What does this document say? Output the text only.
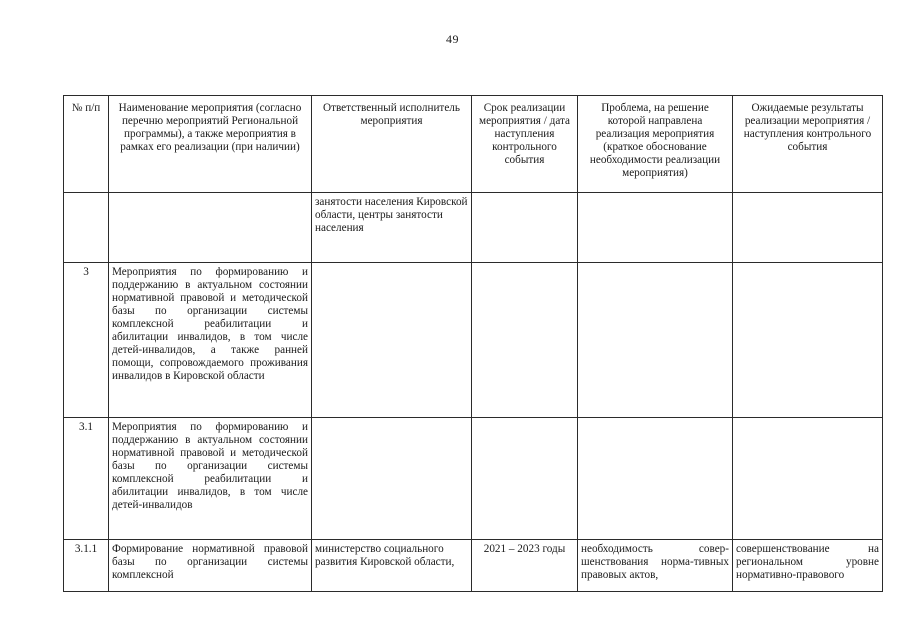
49
№ п/п	Наименование мероприятия (согласно перечню мероприятий Региональной программы), а также мероприятия в рамках его реализации (при наличии)	Ответственный исполнитель мероприятия	Срок реализации мероприятия / дата наступления контрольного события	Проблема, на решение которой направлена реализация мероприятия (краткое обоснование необходимости реализации мероприятия)	Ожидаемые результаты реализации мероприятия / наступления контрольного события
		занятости населения Кировской области, центры занятости населения			
3	Мероприятия по формированию и поддержанию в актуальном состоянии нормативной правовой и методической базы по организации системы комплексной реабилитации и абилитации инвалидов, в том числе детей-инвалидов, а также ранней помощи, сопровождаемого проживания инвалидов в Кировской области				
3.1	Мероприятия по формированию и поддержанию в актуальном состоянии нормативной правовой и методической базы по организации системы комплексной реабилитации и абилитации инвалидов, в том числе детей-инвалидов				
3.1.1	Формирование нормативной правовой базы по организации системы комплексной	министерство социального развития Кировской области,	2021 – 2023 годы	необходимость совер-шенствования норма-тивных правовых актов,	совершенствование на региональном уровне нормативно-правового
